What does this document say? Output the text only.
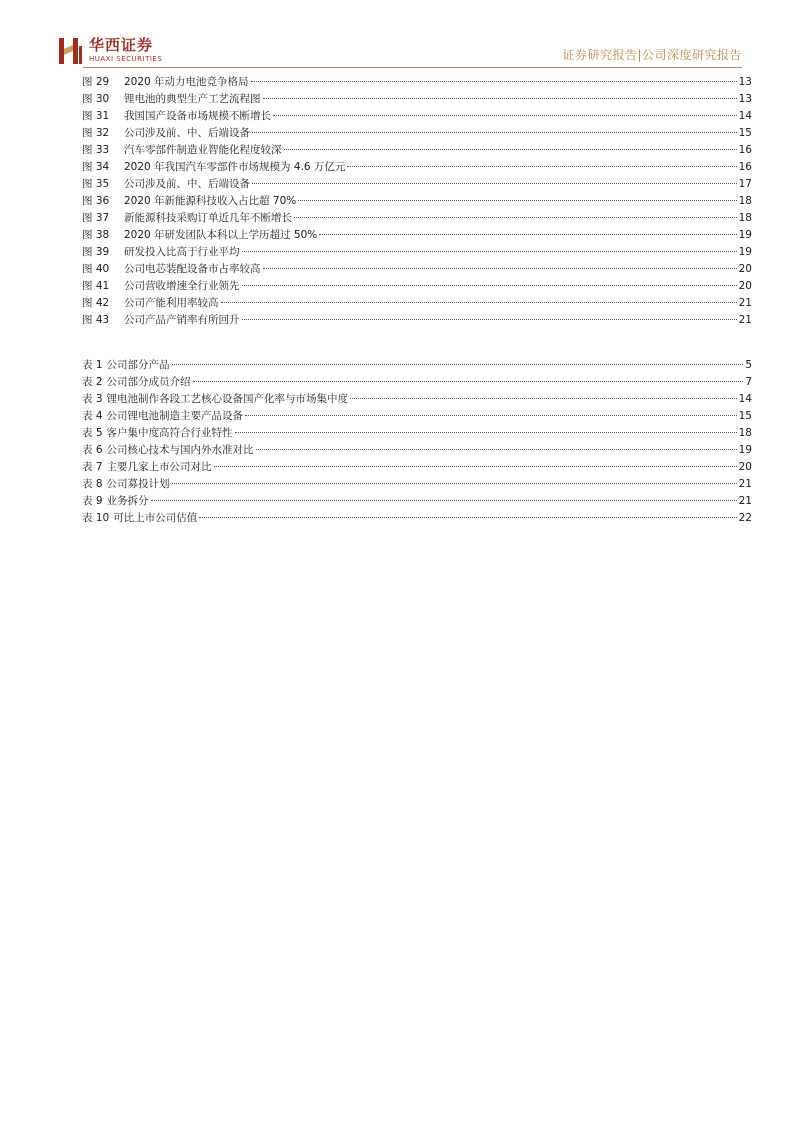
华西证券
HUAXI SECURITIES	证券研究报告|公司深度研究报告
图 29	2020 年动力电池竞争格局	13
图 30	锂电池的典型生产工艺流程图	13
图 31	我国国产设备市场规模不断增长	14
图 32	公司涉及前、中、后端设备	15
图 33	汽车零部件制造业智能化程度较深	16
图 34	2020 年我国汽车零部件市场规模为 4.6 万亿元	16
图 35	公司涉及前、中、后端设备	17
图 36	2020 年新能源科技收入占比超 70%	18
图 37	新能源科技采购订单近几年不断增长	18
图 38	2020 年研发团队本科以上学历超过 50%	19
图 39	研发投入比高于行业平均	19
图 40	公司电芯装配设备市占率较高	20
图 41	公司营收增速全行业领先	20
图 42	公司产能利用率较高	21
图 43	公司产品产销率有所回升	21
表 1 公司部分产品	5
表 2 公司部分成员介绍	7
表 3 锂电池制作各段工艺核心设备国产化率与市场集中度	14
表 4 公司锂电池制造主要产品设备	15
表 5 客户集中度高符合行业特性	18
表 6 公司核心技术与国内外水准对比	19
表 7 主要几家上市公司对比	20
表 8 公司募投计划	21
表 9 业务拆分	21
表 10 可比上市公司估值	22
